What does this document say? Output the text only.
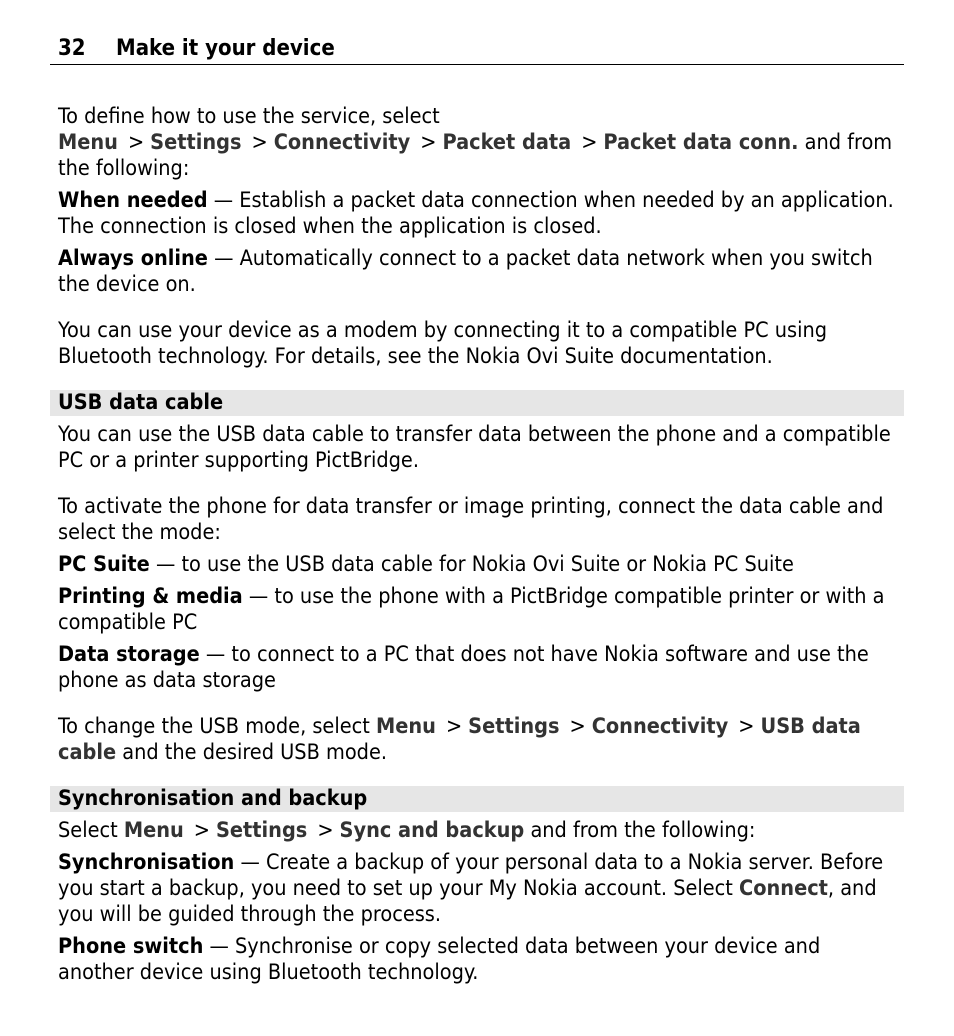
32 Make it your device

To define how to use the service, select Menu > Settings > Connectivity > Packet data > Packet data conn. and from the following:

When needed — Establish a packet data connection when needed by an application. The connection is closed when the application is closed.

Always online — Automatically connect to a packet data network when you switch the device on.

You can use your device as a modem by connecting it to a compatible PC using Bluetooth technology. For details, see the Nokia Ovi Suite documentation.

USB data cable

You can use the USB data cable to transfer data between the phone and a compatible PC or a printer supporting PictBridge.

To activate the phone for data transfer or image printing, connect the data cable and select the mode:

PC Suite — to use the USB data cable for Nokia Ovi Suite or Nokia PC Suite

Printing & media — to use the phone with a PictBridge compatible printer or with a compatible PC

Data storage — to connect to a PC that does not have Nokia software and use the phone as data storage

To change the USB mode, select Menu > Settings > Connectivity > USB data cable and the desired USB mode.

Synchronisation and backup

Select Menu > Settings > Sync and backup and from the following:

Synchronisation — Create a backup of your personal data to a Nokia server. Before you start a backup, you need to set up your My Nokia account. Select Connect, and you will be guided through the process.

Phone switch — Synchronise or copy selected data between your device and another device using Bluetooth technology.
